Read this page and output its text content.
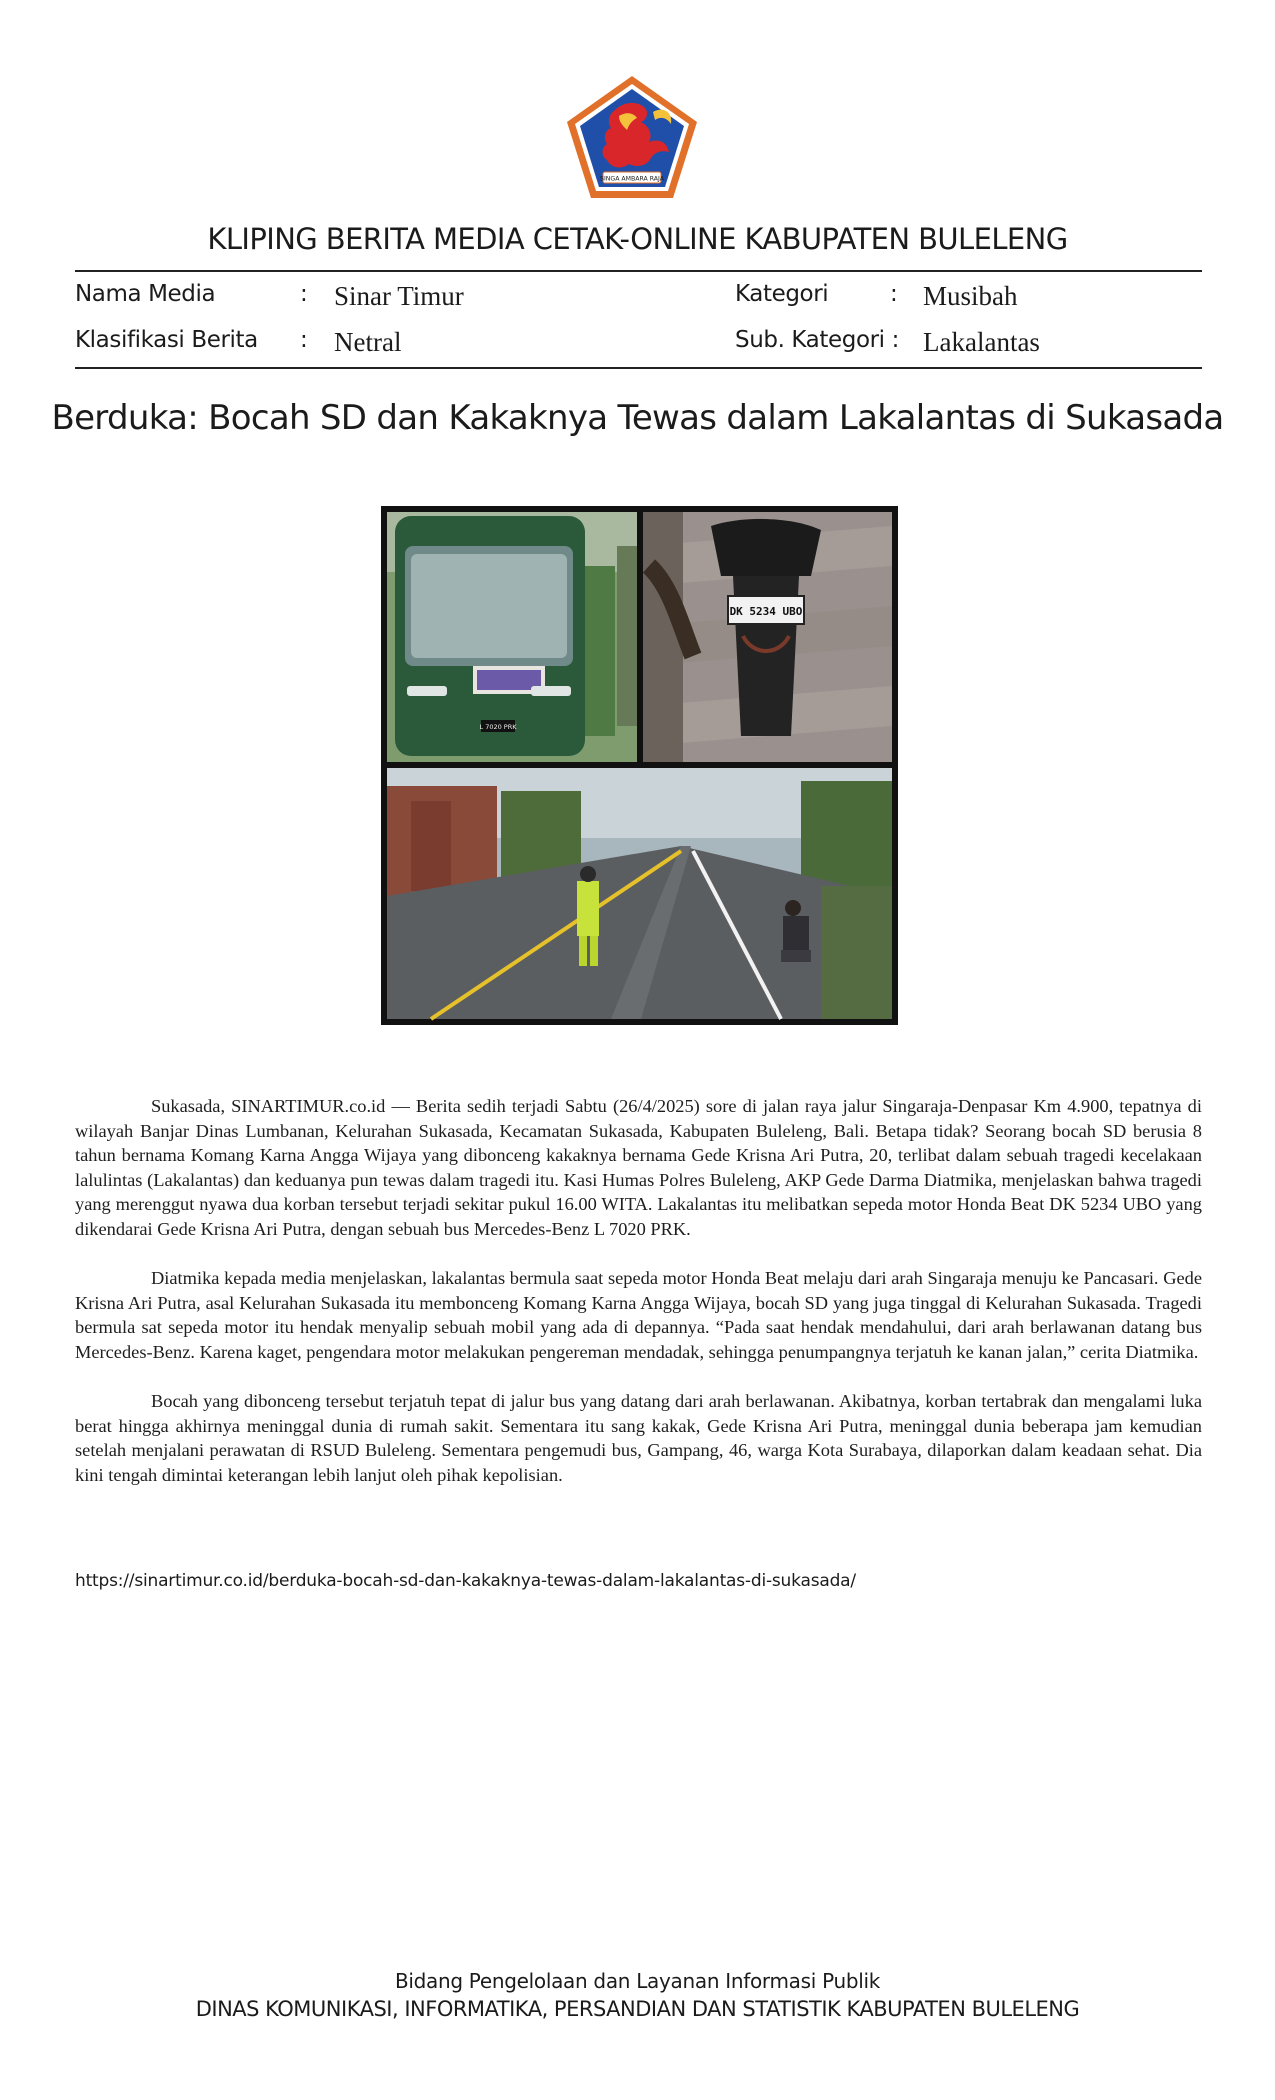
SINGA AMBARA RAJA
KLIPING BERITA MEDIA CETAK-ONLINE KABUPATEN BULELENG
Nama Media	: Sinar Timur	Kategori	: Musibah
Klasifikasi Berita : Netral	Sub. Kategori : Lakalantas
Berduka: Bocah SD dan Kakaknya Tewas dalam Lakalantas di Sukasada
L 7020 PRK
DK 5234 UBO

Sukasada, SINARTIMUR.co.id — Berita sedih terjadi Sabtu (26/4/2025) sore di jalan raya jalur Singaraja-Denpasar Km 4.900, tepatnya di wilayah Banjar Dinas Lumbanan, Kelurahan Sukasada, Kecamatan Sukasada, Kabupaten Buleleng, Bali. Betapa tidak? Seorang bocah SD berusia 8 tahun bernama Komang Karna Angga Wijaya yang dibonceng kakaknya bernama Gede Krisna Ari Putra, 20, terlibat dalam sebuah tragedi kecelakaan lalulintas (Lakalantas) dan keduanya pun tewas dalam tragedi itu. Kasi Humas Polres Buleleng, AKP Gede Darma Diatmika, menjelaskan bahwa tragedi yang merenggut nyawa dua korban tersebut terjadi sekitar pukul 16.00 WITA. Lakalantas itu melibatkan sepeda motor Honda Beat DK 5234 UBO yang dikendarai Gede Krisna Ari Putra, dengan sebuah bus Mercedes-Benz L 7020 PRK.

Diatmika kepada media menjelaskan, lakalantas bermula saat sepeda motor Honda Beat melaju dari arah Singaraja menuju ke Pancasari. Gede Krisna Ari Putra, asal Kelurahan Sukasada itu membonceng Komang Karna Angga Wijaya, bocah SD yang juga tinggal di Kelurahan Sukasada. Tragedi bermula sat sepeda motor itu hendak menyalip sebuah mobil yang ada di depannya. “Pada saat hendak mendahului, dari arah berlawanan datang bus Mercedes-Benz. Karena kaget, pengendara motor melakukan pengereman mendadak, sehingga penumpangnya terjatuh ke kanan jalan,” cerita Diatmika.

Bocah yang dibonceng tersebut terjatuh tepat di jalur bus yang datang dari arah berlawanan. Akibatnya, korban tertabrak dan mengalami luka berat hingga akhirnya meninggal dunia di rumah sakit. Sementara itu sang kakak, Gede Krisna Ari Putra, meninggal dunia beberapa jam kemudian setelah menjalani perawatan di RSUD Buleleng. Sementara pengemudi bus, Gampang, 46, warga Kota Surabaya, dilaporkan dalam keadaan sehat. Dia kini tengah dimintai keterangan lebih lanjut oleh pihak kepolisian.

https://sinartimur.co.id/berduka-bocah-sd-dan-kakaknya-tewas-dalam-lakalantas-di-sukasada/
Bidang Pengelolaan dan Layanan Informasi Publik
DINAS KOMUNIKASI, INFORMATIKA, PERSANDIAN DAN STATISTIK KABUPATEN BULELENG
